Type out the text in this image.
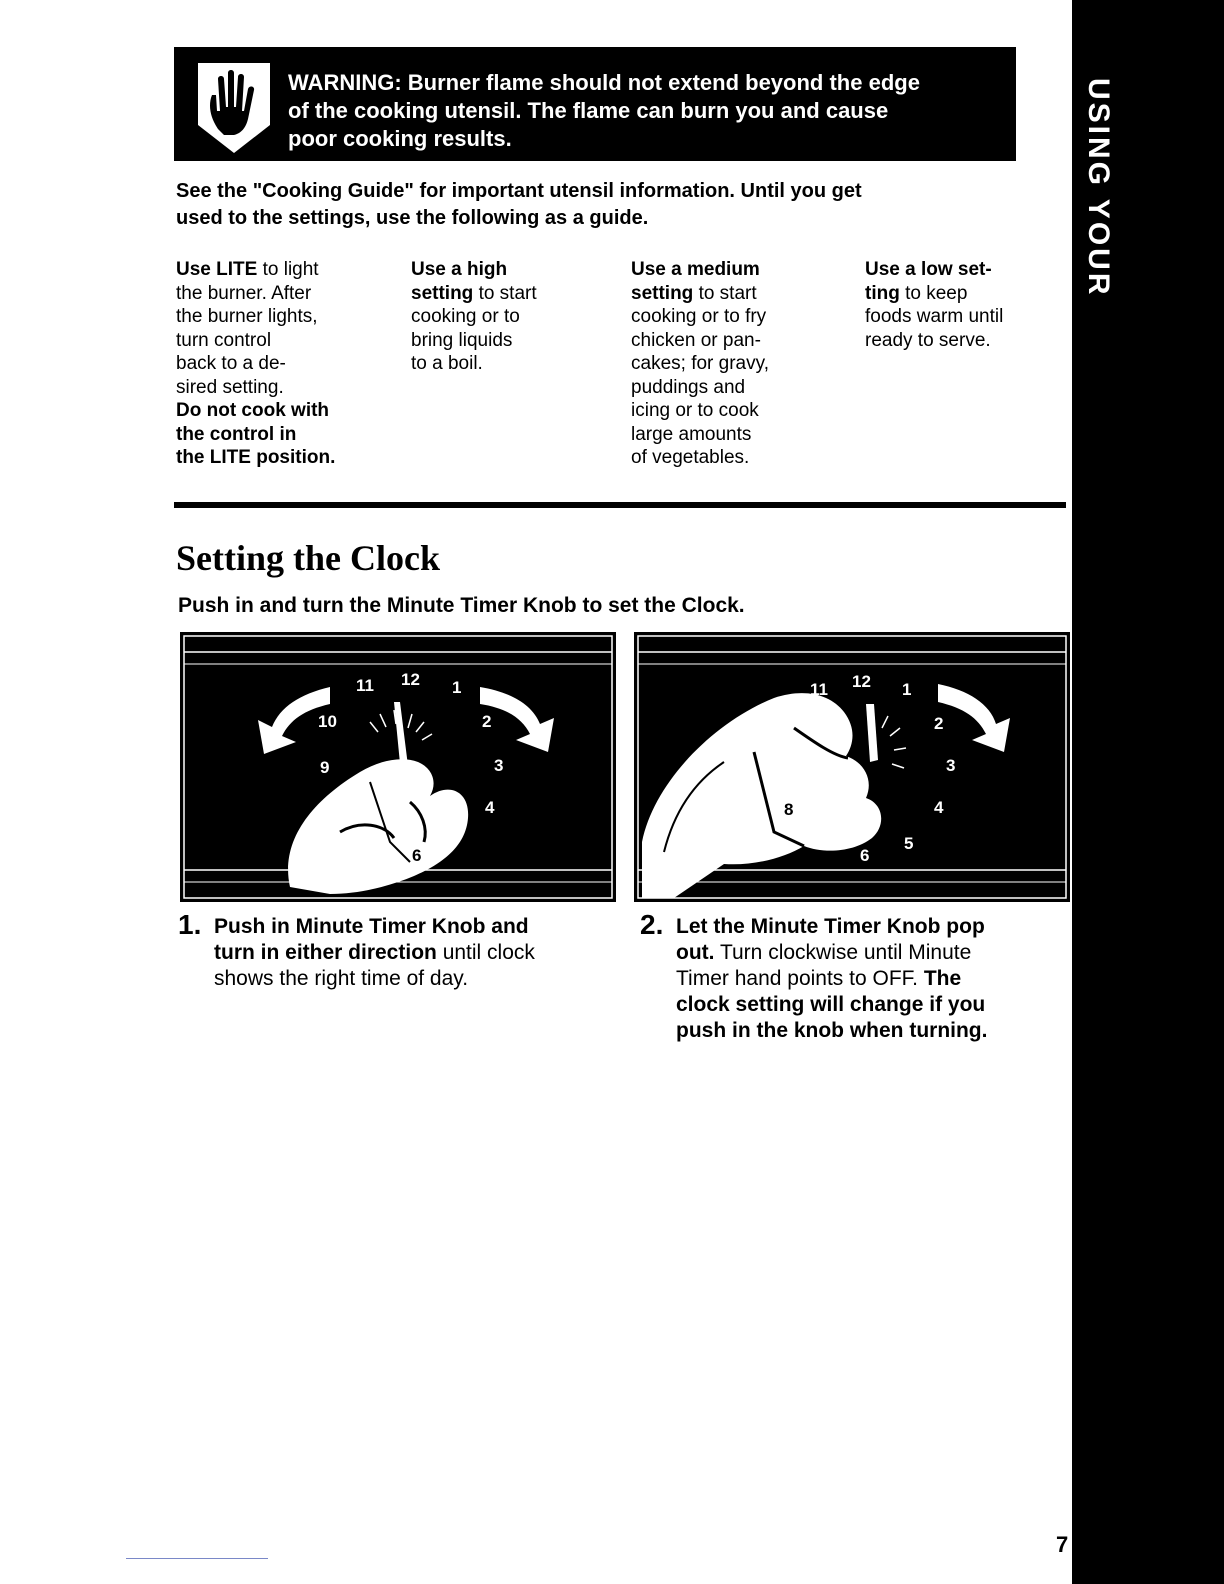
USING YOUR RANGE
WARNING: Burner flame should not extend beyond the edge
of the cooking utensil. The flame can burn you and cause
poor cooking results.
See the "Cooking Guide" for important utensil information. Until you get
used to the settings, use the following as a guide.
Use LITE to light
the burner. After
the burner lights,
turn control
back to a de-
sired setting.
Do not cook with
the control in
the LITE position.
Use a high
setting to start
cooking or to
bring liquids
to a boil.
Use a medium
setting to start
cooking or to fry
chicken or pan-
cakes; for gravy,
puddings and
icing or to cook
large amounts
of vegetables.
Use a low set-
ting to keep
foods warm until
ready to serve.
Setting the Clock
Push in and turn the Minute Timer Knob to set the Clock.
11 12 1
2
3
4
10
9
6
11 12 1
2
3
4
5
6
8
1. Push in Minute Timer Knob and
turn in either direction until clock
shows the right time of day.
2. Let the Minute Timer Knob pop
out. Turn clockwise until Minute
Timer hand points to OFF. The
clock setting will change if you
push in the knob when turning.
7
